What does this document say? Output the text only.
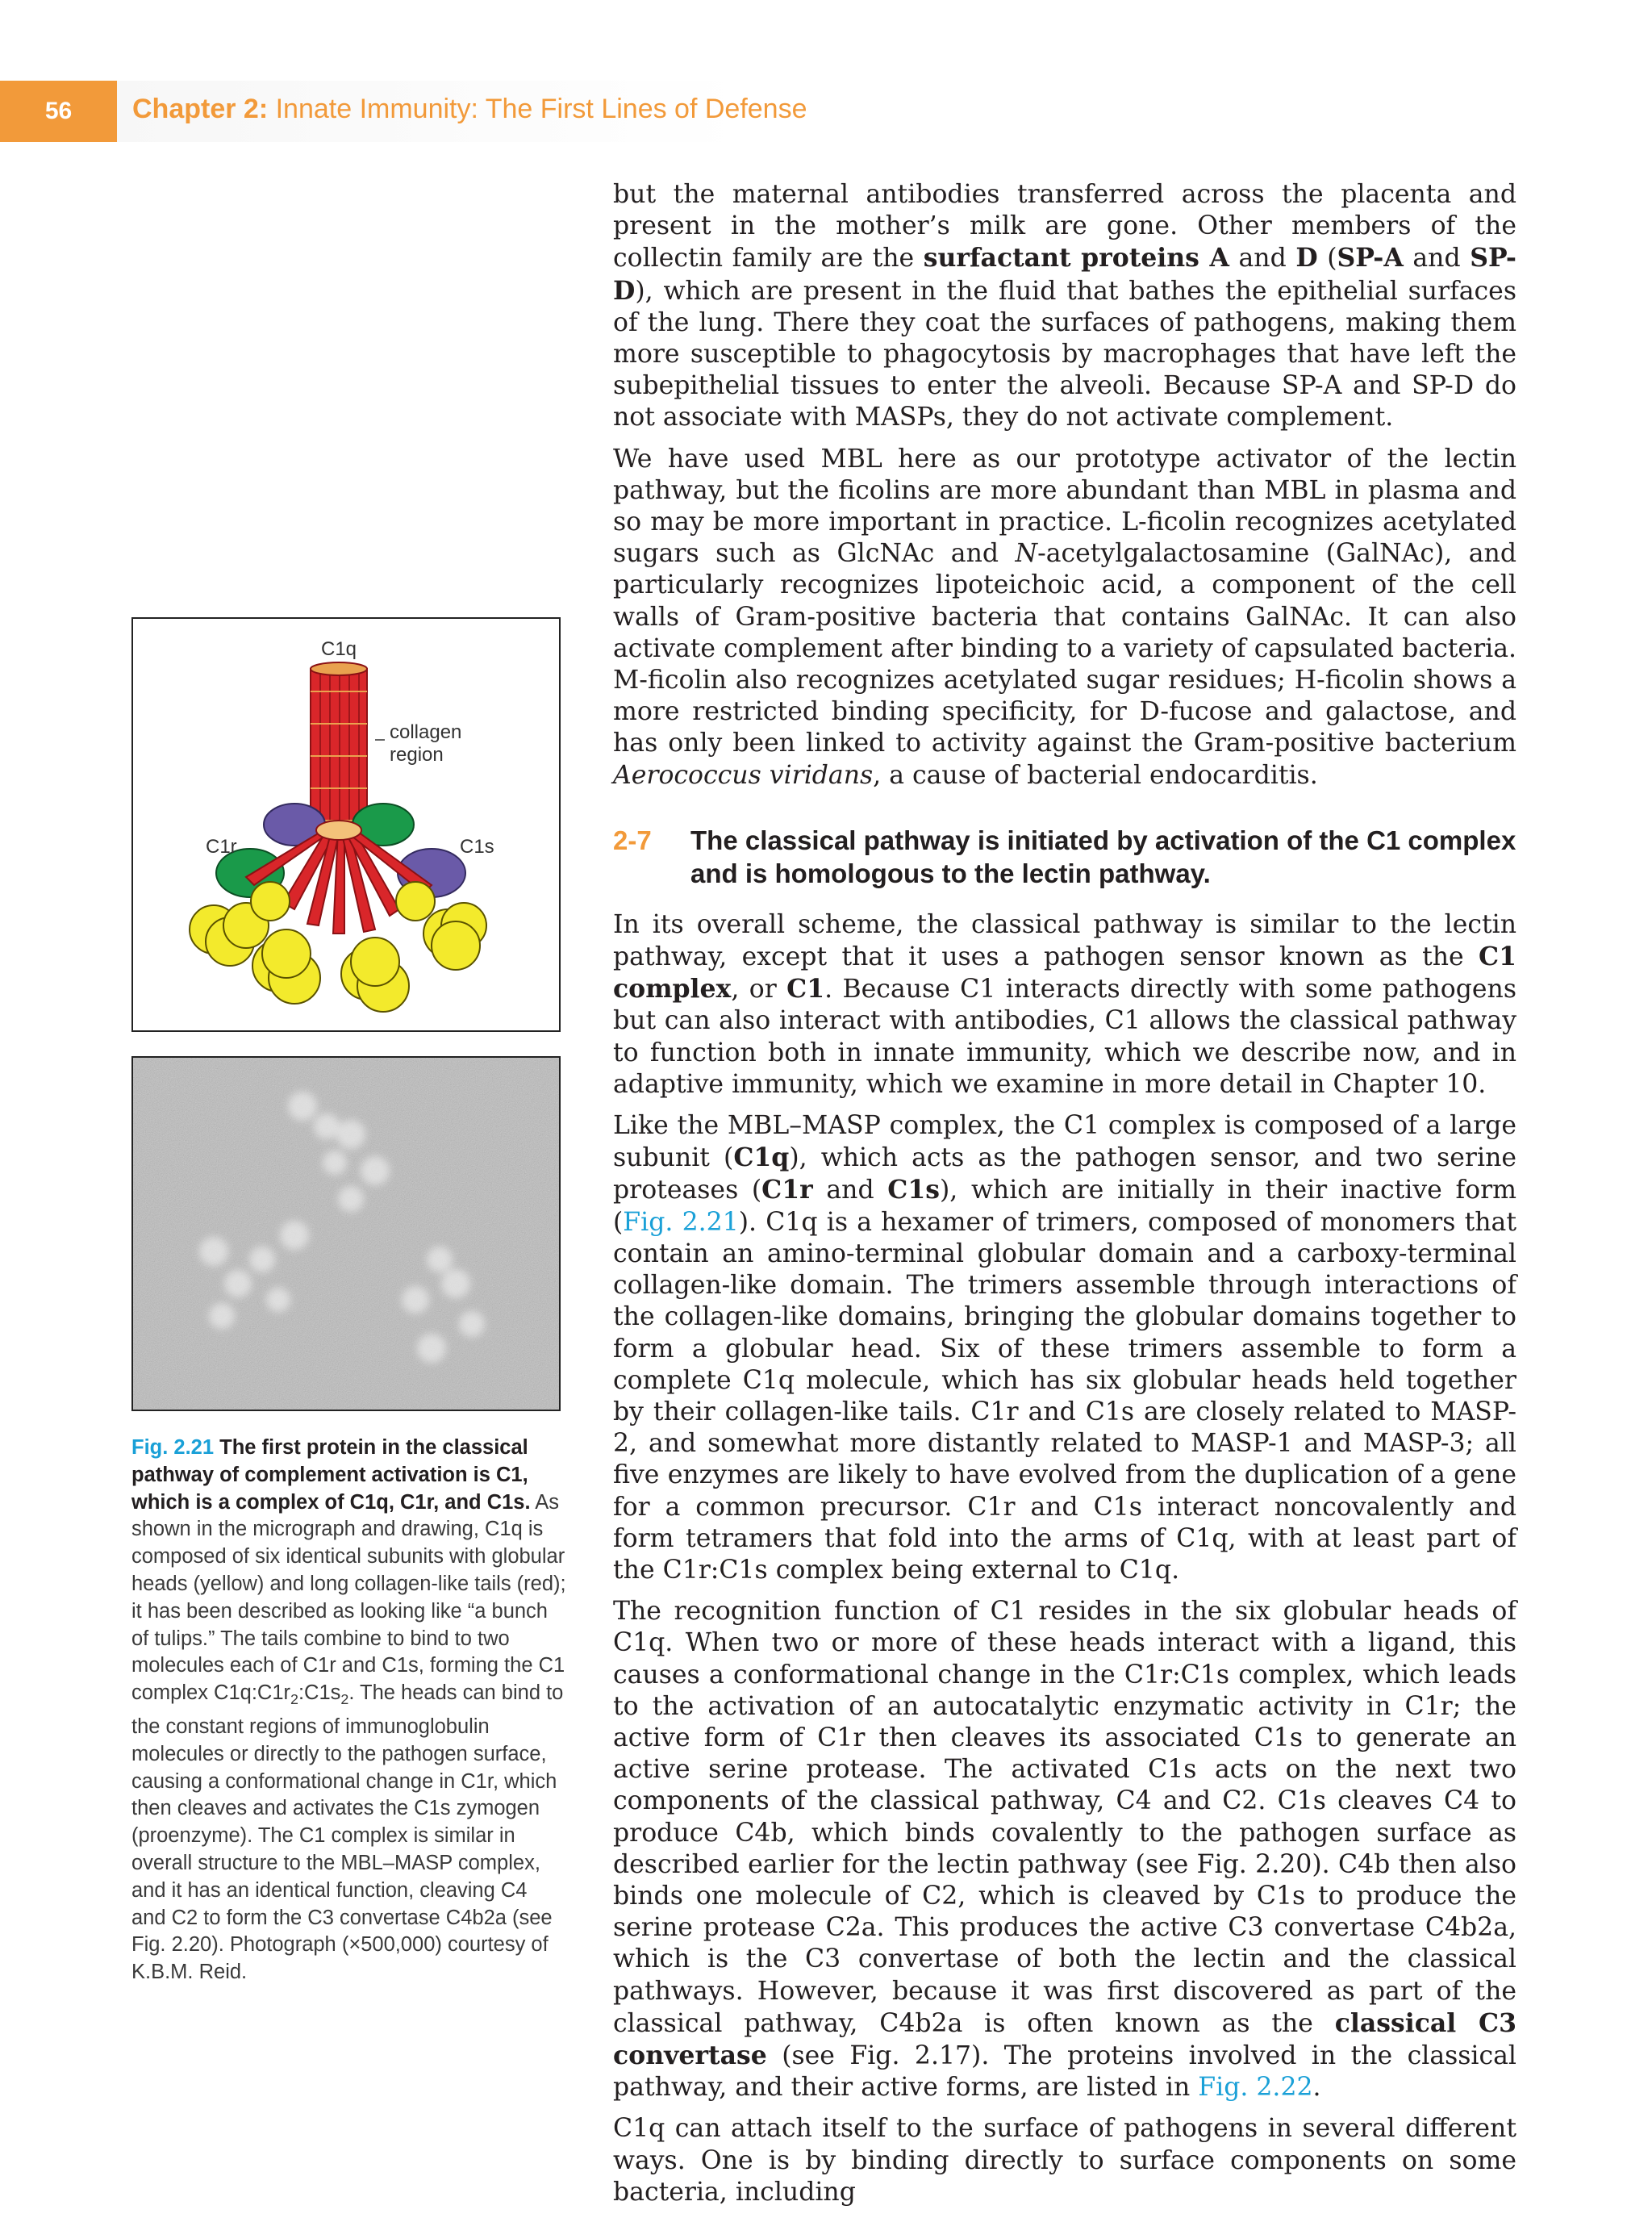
56	Chapter 2: Innate Immunity: The First Lines of Defense
C1q
collagen
region
C1r	C1s
Fig. 2.21 The first protein in the classical pathway of complement activation is C1, which is a complex of C1q, C1r, and C1s. As shown in the micrograph and drawing, C1q is composed of six identical subunits with globular heads (yellow) and long collagen-like tails (red); it has been described as looking like “a bunch of tulips.” The tails combine to bind to two molecules each of C1r and C1s, forming the C1 complex $C1q:C1r_2:C1s_2$. The heads can bind to the constant regions of immunoglobulin molecules or directly to the pathogen surface, causing a conformational change in C1r, which then cleaves and activates the C1s zymogen (proenzyme). The C1 complex is similar in overall structure to the MBL–MASP complex, and it has an identical function, cleaving C4 and C2 to form the C3 convertase C4b2a (see Fig. 2.20). Photograph (×500,000) courtesy of K.B.M. Reid.

but the maternal antibodies transferred across the placenta and present in the mother’s milk are gone. Other members of the collectin family are the surfactant proteins A and D (SP-A and SP-D), which are present in the fluid that bathes the epithelial surfaces of the lung. There they coat the surfaces of pathogens, making them more susceptible to phagocytosis by macrophages that have left the subepithelial tissues to enter the alveoli. Because SP-A and SP-D do not associate with MASPs, they do not activate complement.

We have used MBL here as our prototype activator of the lectin pathway, but the ficolins are more abundant than MBL in plasma and so may be more important in practice. L-ficolin recognizes acetylated sugars such as GlcNAc and N-acetylgalactosamine (GalNAc), and particularly recognizes lipoteichoic acid, a component of the cell walls of Gram-positive bacteria that contains GalNAc. It can also activate complement after binding to a variety of capsulated bacteria. M-ficolin also recognizes acetylated sugar residues; H-ficolin shows a more restricted binding specificity, for D-fucose and galactose, and has only been linked to activity against the Gram-positive bacterium Aerococcus viridans, a cause of bacterial endocarditis.

2-7	The classical pathway is initiated by activation of the C1 complex and is homologous to the lectin pathway.

In its overall scheme, the classical pathway is similar to the lectin pathway, except that it uses a pathogen sensor known as the C1 complex, or C1. Because C1 interacts directly with some pathogens but can also interact with antibodies, C1 allows the classical pathway to function both in innate immunity, which we describe now, and in adaptive immunity, which we examine in more detail in Chapter 10.

Like the MBL–MASP complex, the C1 complex is composed of a large subunit (C1q), which acts as the pathogen sensor, and two serine proteases (C1r and C1s), which are initially in their inactive form (Fig. 2.21). C1q is a hexamer of trimers, composed of monomers that contain an amino-terminal globular domain and a carboxy-terminal collagen-like domain. The trimers assemble through interactions of the collagen-like domains, bringing the globular domains together to form a globular head. Six of these trimers assemble to form a complete C1q molecule, which has six globular heads held together by their collagen-like tails. C1r and C1s are closely related to MASP-2, and somewhat more distantly related to MASP-1 and MASP-3; all five enzymes are likely to have evolved from the duplication of a gene for a common precursor. C1r and C1s interact noncovalently and form tetramers that fold into the arms of C1q, with at least part of the C1r:C1s complex being external to C1q.

The recognition function of C1 resides in the six globular heads of C1q. When two or more of these heads interact with a ligand, this causes a conformational change in the C1r:C1s complex, which leads to the activation of an autocatalytic enzymatic activity in C1r; the active form of C1r then cleaves its associated C1s to generate an active serine protease. The activated C1s acts on the next two components of the classical pathway, C4 and C2. C1s cleaves C4 to produce C4b, which binds covalently to the pathogen surface as described earlier for the lectin pathway (see Fig. 2.20). C4b then also binds one molecule of C2, which is cleaved by C1s to produce the serine protease C2a. This produces the active C3 convertase C4b2a, which is the C3 convertase of both the lectin and the classical pathways. However, because it was first discovered as part of the classical pathway, C4b2a is often known as the classical C3 convertase (see Fig. 2.17). The proteins involved in the classical pathway, and their active forms, are listed in Fig. 2.22.

C1q can attach itself to the surface of pathogens in several different ways. One is by binding directly to surface components on some bacteria, including
